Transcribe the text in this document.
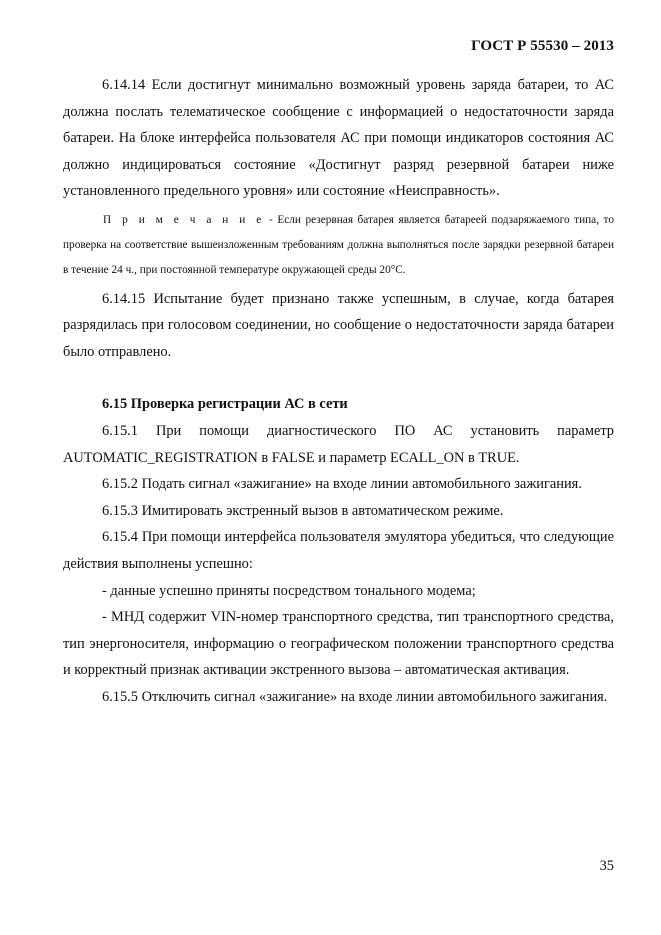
ГОСТ Р 55530 – 2013

6.14.14 Если достигнут минимально возможный уровень заряда батареи, то АС должна послать телематическое сообщение с информацией о недостаточности заряда батареи. На блоке интерфейса пользователя АС при помощи индикаторов состояния АС должно индицироваться состояние «Достигнут разряд резервной батареи ниже установленного предельного уровня» или состояние «Неисправность».

П р и м е ч а н и е - Если резервная батарея является батареей подзаряжаемого типа, то проверка на соответствие вышеизложенным требованиям должна выполняться после зарядки резервной батареи в течение 24 ч., при постоянной температуре окружающей среды 20°С.

6.14.15 Испытание будет признано также успешным, в случае, когда батарея разрядилась при голосовом соединении, но сообщение о недостаточности заряда батареи было отправлено.

6.15 Проверка регистрации АС в сети

6.15.1 При помощи диагностического ПО АС установить параметр AUTOMATIC_REGISTRATION в FALSE и параметр ECALL_ON в TRUE.

6.15.2 Подать сигнал «зажигание» на входе линии автомобильного зажигания.

6.15.3 Имитировать экстренный вызов в автоматическом режиме.

6.15.4 При помощи интерфейса пользователя эмулятора убедиться, что следующие действия выполнены успешно:

- данные успешно приняты посредством тонального модема;

- МНД содержит VIN-номер транспортного средства, тип транспортного средства, тип энергоносителя, информацию о географическом положении транспортного средства и корректный признак активации экстренного вызова – автоматическая активация.

6.15.5 Отключить сигнал «зажигание» на входе линии автомобильного зажигания.

35
